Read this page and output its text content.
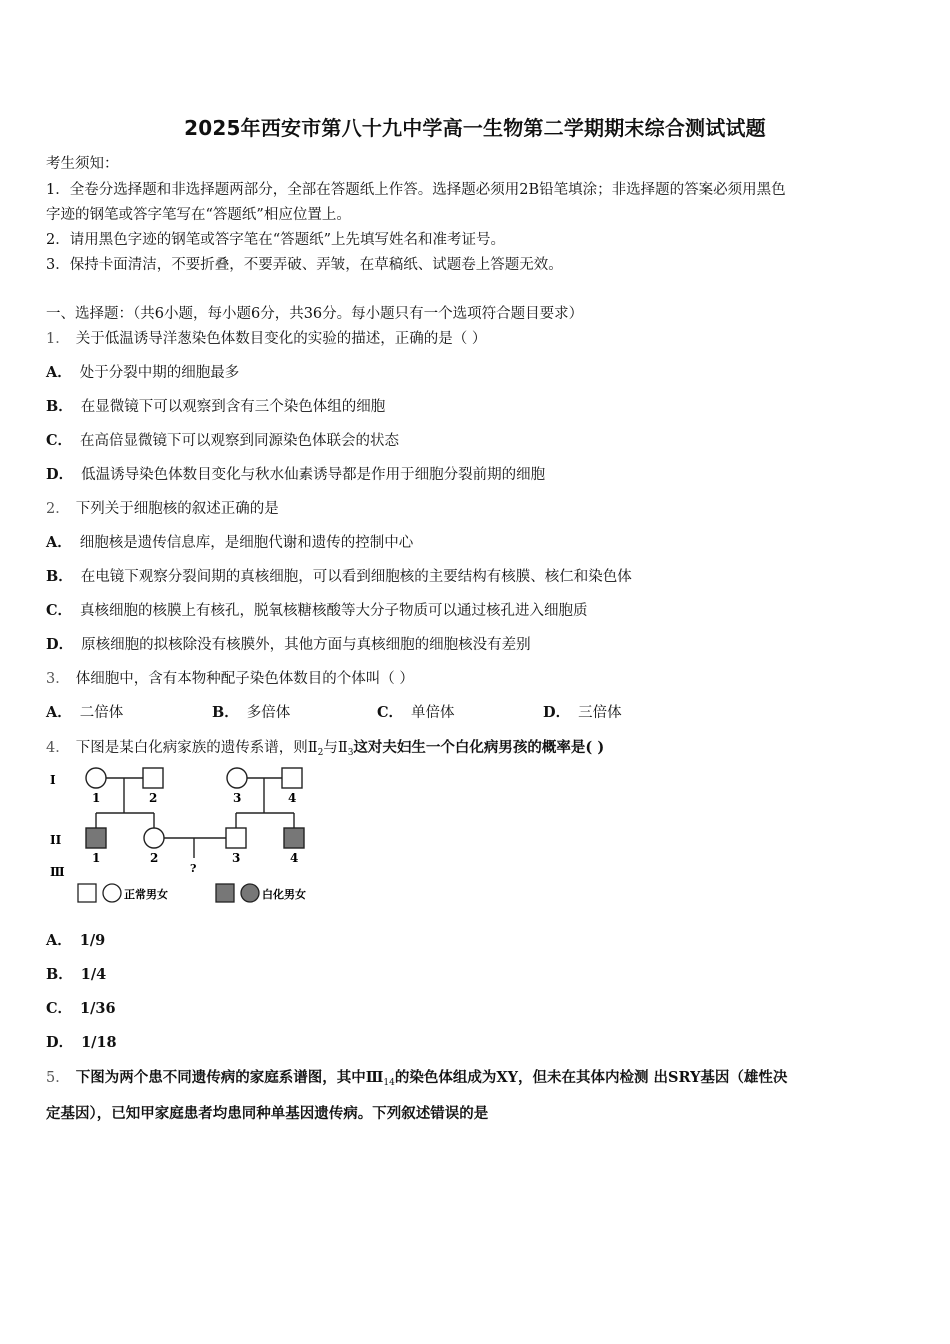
2025年西安市第八十九中学高一生物第二学期期末综合测试试题
考生须知：
1．全卷分选择题和非选择题两部分，全部在答题纸上作答。选择题必须用2B铅笔填涂；非选择题的答案必须用黑色
字迹的钢笔或答字笔写在“答题纸”相应位置上。
2．请用黑色字迹的钢笔或答字笔在“答题纸”上先填写姓名和准考证号。
3．保持卡面清洁，不要折叠，不要弄破、弄皱，在草稿纸、试题卷上答题无效。
一、选择题：（共6小题，每小题6分，共36分。每小题只有一个选项符合题目要求）
1． 关于低温诱导洋葱染色体数目变化的实验的描述，正确的是（ ）
A． 处于分裂中期的细胞最多
B． 在显微镜下可以观察到含有三个染色体组的细胞
C． 在高倍显微镜下可以观察到同源染色体联会的状态
D． 低温诱导染色体数目变化与秋水仙素诱导都是作用于细胞分裂前期的细胞
2． 下列关于细胞核的叙述正确的是
A． 细胞核是遗传信息库，是细胞代谢和遗传的控制中心
B． 在电镜下观察分裂间期的真核细胞，可以看到细胞核的主要结构有核膜、核仁和染色体
C． 真核细胞的核膜上有核孔，脱氧核糖核酸等大分子物质可以通过核孔进入细胞质
D． 原核细胞的拟核除没有核膜外，其他方面与真核细胞的细胞核没有差别
3． 体细胞中，含有本物种配子染色体数目的个体叫（ ）
A． 二倍体	B． 多倍体	C． 单倍体	D． 三倍体
4． 下图是某白化病家族的遗传系谱，则$Ⅱ_2$与$Ⅱ_3$这对夫妇生一个白化病男孩的概率是( )
I
II
Ⅲ
1	2	3	4
1	2	3	4
?
正常男女	白化男女
A． 1/9
B． 1/4
C． 1/36
D． 1/18
5． 下图为两个患不同遗传病的家庭系谱图，其中$Ⅲ_{14}$的染色体组成为XY，但未在其体内检测 出SRY基因（雄性决
定基因），已知甲家庭患者均患同种单基因遗传病。下列叙述错误的是
